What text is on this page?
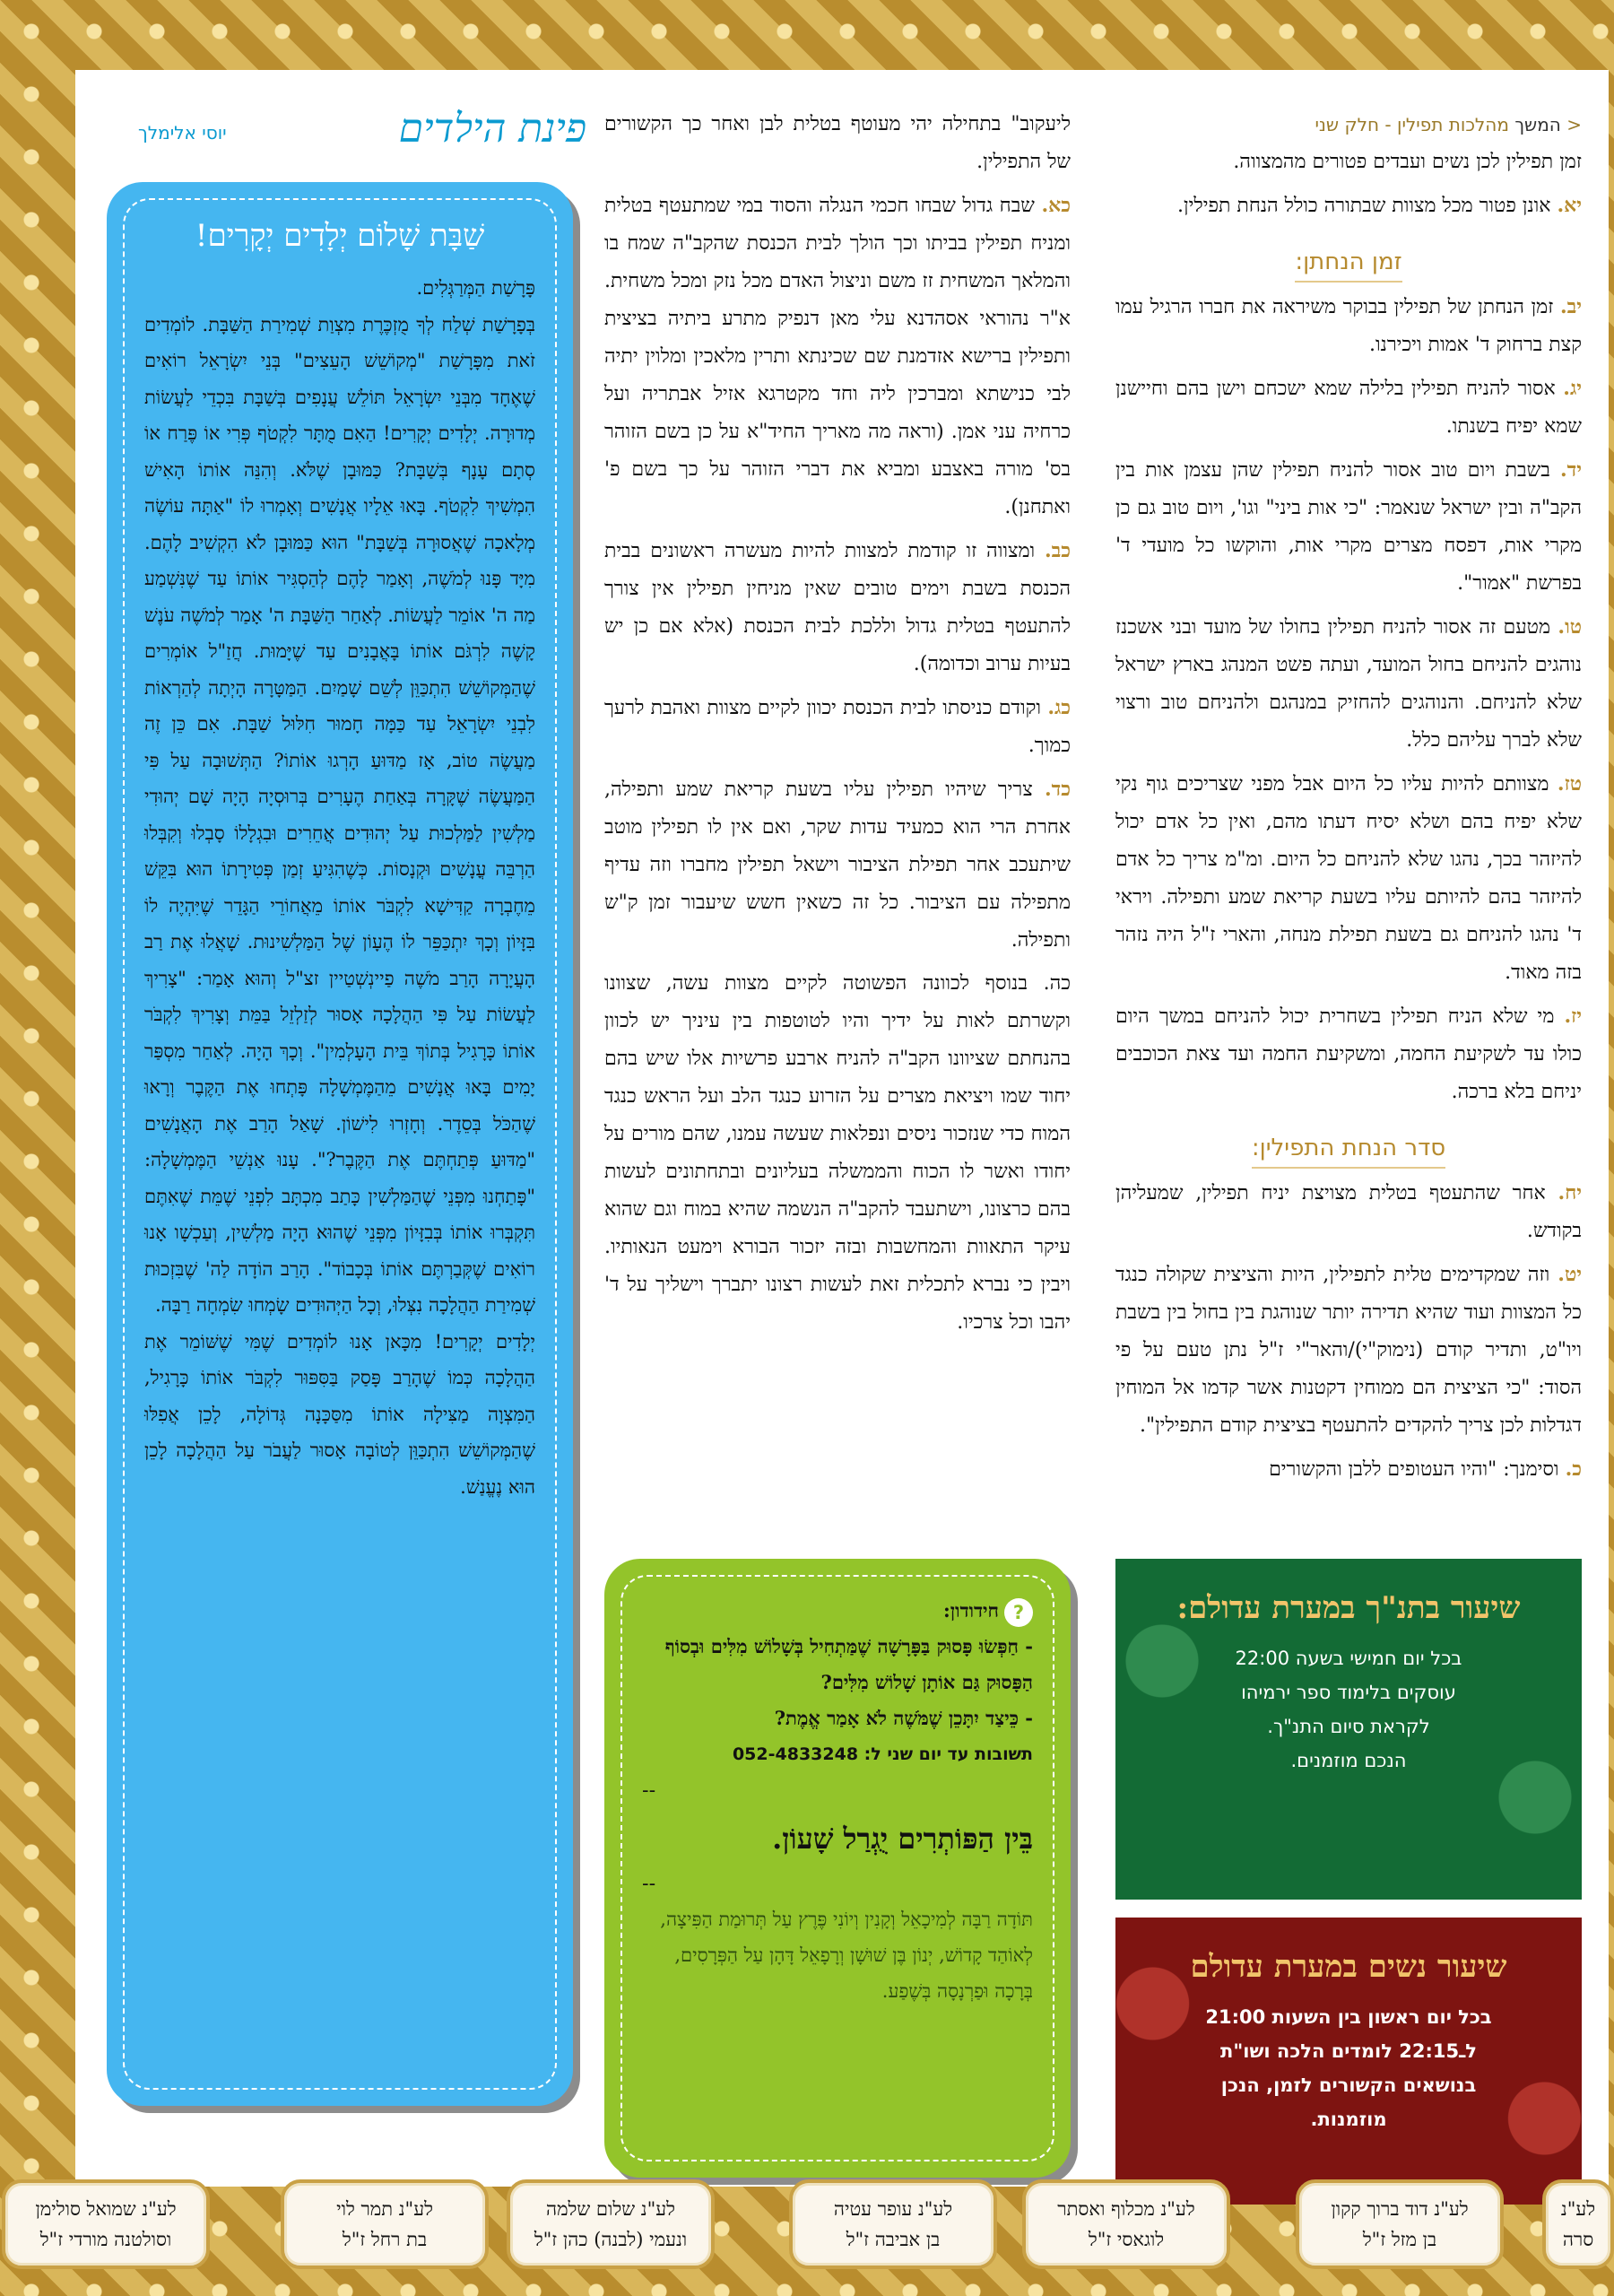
< המשך מהלכות תפילין - חלק שני

זמן תפילין לכן נשים ועבדים פטורים מהמצווה.

יא. אונן פטור מכל מצוות שבתורה כולל הנחת תפילין.

זמן הנחתן:

יב. זמן הנחתן של תפילין בבוקר משיראה את חברו הרגיל עמו קצת ברחוק ד' אמות ויכירנו.

יג. אסור להניח תפילין בלילה שמא ישכחם וישן בהם וחיישנן שמא יפיח בשנתו.

יד. בשבת ויום טוב אסור להניח תפילין שהן עצמן אות בין הקב"ה ובין ישראל שנאמר: "כי אות ביני" וגו', ויום טוב גם כן מקרי אות, דפסח מצרים מקרי אות, והוקשו כל מועדי ד' בפרשת "אמור".

טו. מטעם זה אסור להניח תפילין בחולו של מועד ובני אשכנז נוהגים להניחם בחול המועד, ועתה פשט המנהג בארץ ישראל שלא להניחם. והנוהגים להחזיק במנהגם ולהניחם טוב ורצוי שלא לברך עליהם כלל.

טז. מצוותם להיות עליו כל היום אבל מפני שצריכים גוף נקי שלא יפיח בהם ושלא יסיח דעתו מהם, ואין כל אדם יכול להיזהר בכך, נהגו שלא להניחם כל היום. ומ"מ צריך כל אדם להיזהר בהם להיותם עליו בשעת קריאת שמע ותפילה. ויראי ד' נהגו להניחם גם בשעת תפילת מנחה, והארי ז"ל היה נזהר בזה מאוד.

יז. מי שלא הניח תפילין בשחרית יכול להניחם במשך היום כולו עד לשקיעת החמה, ומשקיעת החמה ועד צאת הכוכבים יניחם בלא ברכה.

סדר הנחת התפילין:

יח. אחר שהתעטף בטלית מצויצת יניח תפילין, שמעליהן בקודש.

יט. וזה שמקדימים טלית לתפילין, היות והציצית שקולה כנגד כל המצוות ועוד שהיא תדירה יותר שנוהגת בין בחול בין בשבת ויו"ט, ותדיר קודם (נימוק"י)/והאר"י ז"ל נתן טעם על פי הסוד: "כי הציצית הם ממוחין דקטנות אשר קדמו אל המוחין דגדלות לכן צריך להקדים להתעטף בציצית קודם התפילין".

כ. וסימנך: "והיו העטופים ללבן והקשורים

ליעקוב" בתחילה יהי מעוטף בטלית לבן ואחר כך הקשורים של התפילין.

כא. שבח גדול שבחו חכמי הנגלה והסוד במי שמתעטף בטלית ומניח תפילין בביתו וכך הולך לבית הכנסת שהקב"ה שמח בו והמלאך המשחית זז משם וניצול האדם מכל נזק ומכל משחית. א"ר נהוראי אסהדנא עלי מאן דנפיק מתרע ביתיה בציצית ותפילין ברישא אזדמנת שם שכינתא ותרין מלאכין ומלוין יתיה לבי כנישתא ומברכין ליה וחד מקטרגא אזיל אבתריה ועל כרחיה עני אמן. (וראה מה מאריך החיד"א על כן בשם הזוהר בס' מורה באצבע ומביא את דברי הזוהר על כך בשם פ' ואתחנן).

כב. ומצווה זו קודמת למצוות להיות מעשרה ראשונים בבית הכנסת בשבת וימים טובים שאין מניחין תפילין אין צורך להתעטף בטלית גדול וללכת לבית הכנסת (אלא אם כן יש בעיות ערוב וכדומה).

כג. וקודם כניסתו לבית הכנסת יכוון לקיים מצוות ואהבת לרעך כמוך.

כד. צריך שיהיו תפילין עליו בשעת קריאת שמע ותפילה, אחרת הרי הוא כמעיד עדות שקר, ואם אין לו תפילין מוטב שיתעכב אחר תפילת הציבור וישאל תפילין מחברו וזה עדיף מתפילה עם הציבור. כל זה כשאין חשש שיעבור זמן ק"ש ותפילה.

כה. בנוסף לכוונה הפשוטה לקיים מצוות עשה, שצוונו וקשרתם לאות על ידיך והיו לטוטפות בין עיניך יש לכוון בהנחתם שציוונו הקב"ה להניח ארבע פרשיות אלו שיש בהם יחוד שמו ויציאת מצרים על הזרוע כנגד הלב ועל הראש כנגד המוח כדי שנזכור ניסים ונפלאות שעשה עמנו, שהם מורים על יחודו ואשר לו הכוח והממשלה בעליונים ובתחתונים לעשות בהם כרצונו, וישתעבד להקב"ה הנשמה שהיא במוח וגם שהוא עיקר התאוות והמחשבות ובזה יזכור הבורא וימעט הנאותיו. ויבין כי נברא לתכלית זאת לעשות רצונו יתברך וישליך על ד' יהבו וכל צרכיו.

שיעור בתנ"ך במערת עדולם:
בכל יום חמישי בשעה 22:00
עוסקים בלימוד ספר ירמיהו
לקראת סיום התנ"ך.
הנכם מוזמנים.
שיעור נשים במערת עדולם
בכל יום ראשון בין השעות 21:00
לـ22:15 לומדים הלכה ושו"ת
בנושאים הקשורים לזמן, הנכן
מוזמנות.
?חידודון:
- חַפְּשׂוּ פָּסוּק בַּפָּרָשָׁה שֶׁמַּתְחִיל בְּשָׁלוֹשׁ מִלִּים וּבְסוֹף הַפָּסוּק גַּם אוֹתָן שָׁלוֹשׁ מִלִּים?
- כֵּיצַד יִתָּכֵן שֶׁמֹּשֶׁה לֹא אָמַר אֱמֶת?
תשובות עד יום שני ל: 052-4833248
--
בֵּין הַפּוֹתְרִים יֻגְרַל שָׁעוֹן.
--
תּוֹדָה רַבָּה לְמִיכָאֵל וְקָנִין וְיוֹנִי פֶּרֶץ עַל תְּרוּמַת הַפִּיצָה, לְאוֹהַד קָדוֹשׁ, יְנוֹן בֶּן שׁוּשָׁן וְרָפָאֵל דָּהָן עַל הַפְּרָסִים, בְּרָכָה וּפַרְנָסָה בְּשֶׁפַע.
פינת הילדים
יוסי אלימלך
שַׁבָּת שָׁלוֹם יְלָדִים יְקָרִים!
פָּרָשַׁת הַמְּרַגְּלִים.
בְּפָרָשַׁת שְׁלַח לְךָ מֻזְכֶּרֶת מִצְוַת שְׁמִירַת הַשַּׁבָּת. לוֹמְדִים זֹאת מִפָּרָשַׁת "מְקוֹשֵׁשׁ הָעֵצִים" בְּנֵי יִשְׂרָאֵל רוֹאִים שֶׁאֶחָד מִבְּנֵי יִשְׂרָאֵל תּוֹלֵשׁ עֲנָפִים בְּשַׁבָּת בִּכְדֵי לַעֲשׂוֹת מְדוּרָה. יְלָדִים יְקָרִים! הַאִם מֻתָּר לִקְטֹף פְּרִי אוֹ פֶּרַח אוֹ סְתָם עָנָף בְּשַׁבָּת? כַּמּוּבָן שֶׁלֹּא. וְהִנֵּה אוֹתוֹ הָאִישׁ הִמְשִׁיךְ לִקְטֹף. בָּאוּ אֵלָיו אֲנָשִׁים וְאָמְרוּ לוֹ "אַתָּה עוֹשֶׂה מְלָאכָה שֶׁאֲסוּרָה בְּשַׁבָּת" הוּא כַּמּוּבָן לֹא הִקְשִׁיב לָהֶם. מִיָּד פָּנוּ לְמֹשֶׁה, וְאָמַר לָהֶם לְהַסְגִּיר אוֹתוֹ עַד שֶׁנִּשְׁמַע מַה ה' אוֹמֵר לַעֲשׂוֹת. לְאַחַר הַשַּׁבָּת ה' אָמַר לְמֹשֶׁה עֹנֶשׁ קָשֶׁה לִרְגֹּם אוֹתוֹ בָּאֲבָנִים עַד שֶׁיָּמוּת. חֲזַ"ל אוֹמְרִים שֶׁהַמְּקוֹשֵׁשׁ הִתְכַּוֵּן לְשֵׁם שָׁמַיִם. הַמַּטָּרָה הָיְתָה לְהַרְאוֹת לִבְנֵי יִשְׂרָאֵל עַד כַּמָּה חָמוּר חִלּוּל שַׁבָּת. אִם כֵּן זֶה מַעֲשֶׂה טוֹב, אָז מַדּוּעַ הָרְגוּ אוֹתוֹ? הַתְּשׁוּבָה עַל פִּי הַמַּעֲשֶׂה שֶׁקָּרָה בְּאַחַת הֶעָרִים בְּרוּסְיָה הָיָה שָׁם יְהוּדִי מַלְשִׁין לַמַּלְכוּת עַל יְהוּדִים אֲחֵרִים וּבִגְלָלוֹ סָבְלוּ וְקִבְּלוּ הַרְבֵּה עֳנָשִׁים וּקְנָסוֹת. כְּשֶׁהִגִּיעַ זְמַן פְּטִירָתוֹ הוּא בִּקֵּשׁ מֵחֶבְרָה קַדִּישָׁא לִקְבֹּר אוֹתוֹ מֵאֲחוֹרֵי הַגָּדֵר שֶׁיִּהְיֶה לוֹ בִּזָּיוֹן וְכָךְ יִתְכַּפֵּר לוֹ הֶעָוֹן שֶׁל הַמַּלְשִׁינוּת. שָׁאֲלוּ אֶת רַב הָעֲיָרָה הָרַב מֹשֶׁה פַיינְשְׁטַיין זצ"ל וְהוּא אָמַר: "צָרִיךְ לַעֲשׂוֹת עַל פִּי הַהֲלָכָה אָסוּר לְזַלְזֵל בַּמֵּת וְצָרִיךְ לִקְבֹּר אוֹתוֹ כָּרָגִיל בְּתוֹךְ בֵּית הָעָלְמִין". וְכָךְ הָיָה. לְאַחַר מִסְפַּר יָמִים בָּאוּ אֲנָשִׁים מֵהַמֶּמְשָׁלָה פָּתְחוּ אֶת הַקֶּבֶר וְרָאוּ שֶׁהַכֹּל בְּסֵדֶר. וְחָזְרוּ לִישׁוֹן. שָׁאַל הָרַב אֶת הָאֲנָשִׁים "מַדּוּעַ פְּתַחְתֶּם אֶת הַקֶּבֶר?". עָנוּ אַנְשֵׁי הַמֶּמְשָׁלָה: "פָּתַחְנוּ מִפְּנֵי שֶׁהַמַּלְשִׁין כָּתַב מִכְתָּב לִפְנֵי שֶׁמֵּת שֶׁאִתֶּם תִּקְבְּרוּ אוֹתוֹ בְּבִזָּיוֹן מִפְּנֵי שֶׁהוּא הָיָה מַלְשִׁין, וְעַכְשָׁו אָנוּ רוֹאִים שֶׁקְּבַרְתֶּם אוֹתוֹ בְּכָבוֹד". הָרַב הוֹדָה לַה' שֶׁבִּזְכוּת שְׁמִירַת הַהֲלָכָה נִצְּלוּ, וְכָל הַיְּהוּדִים שָׂמְחוּ שִׂמְחָה רַבָּה.
יְלָדִים יְקָרִים! מִכָּאן אָנוּ לוֹמְדִים שֶׁמִּי שֶׁשּׁוֹמֵר אֶת הַהֲלָכָה כְּמוֹ שֶׁהָרַב פָּסַק בַּסִּפּוּר לִקְבֹּר אוֹתוֹ כָּרָגִיל, הַמִּצְוָה מַצִּילָה אוֹתוֹ מִסַּכָּנָה גְּדוֹלָה, לָכֵן אֲפִלּוּ שֶׁהַמְּקוֹשֵׁשׁ הִתְכַּוֵּן לְטוֹבָה אָסוּר לַעֲבֹר עַל הַהֲלָכָה לָכֵן הוּא נֶעֱנַשׁ.
לע"נ שמואל סולימן
וסולטנה מורדי ז"ל
לע"נ תמר לוי
בת רחל ז"ל
לע"נ שלום שלמה
ונעמי (לבנה) כהן ז"ל
לע"נ עופר עטיה
בן אביבה ז"ל
לע"נ מכלוף ואסתר
לוגאסי ז"ל
לע"נ דוד ברוך קקון
בן מזל ז"ל
לע"נ סרה
